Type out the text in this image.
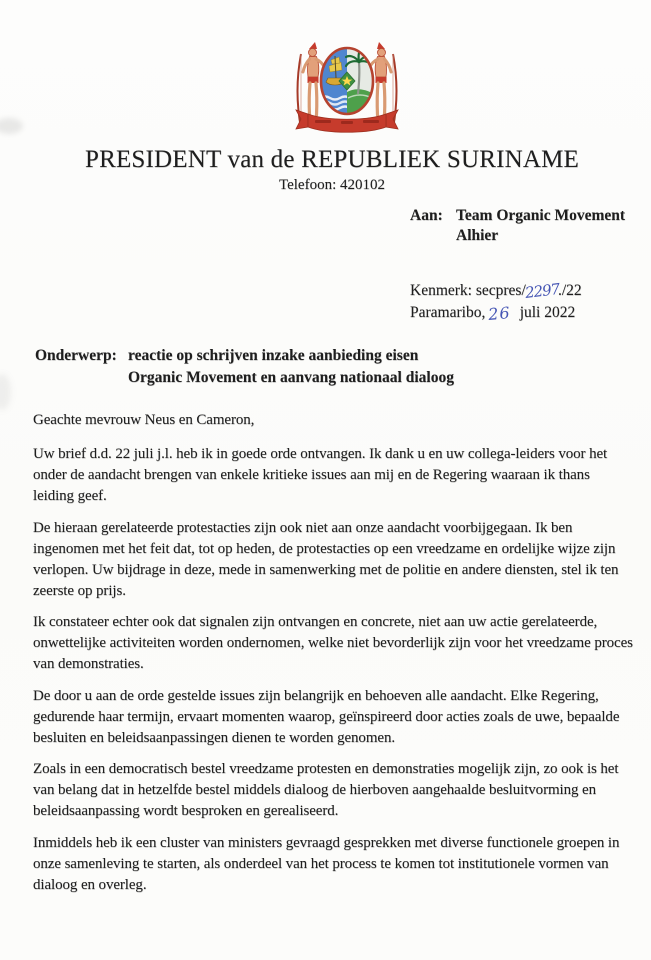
PRESIDENT van de REPUBLIEK SURINAME
Telefoon: 420102
Aan: Team Organic Movement
Alhier
Kenmerk: secpres/2297./22
Paramaribo, 26 juli 2022
Onderwerp: reactie op schrijven inzake aanbieding eisen
Organic Movement en aanvang nationaal dialoog
Geachte mevrouw Neus en Cameron,

Uw brief d.d. 22 juli j.l. heb ik in goede orde ontvangen. Ik dank u en uw collega-leiders voor het onder de aandacht brengen van enkele kritieke issues aan mij en de Regering waaraan ik thans leiding geef.

De hieraan gerelateerde protestacties zijn ook niet aan onze aandacht voorbijgegaan. Ik ben ingenomen met het feit dat, tot op heden, de protestacties op een vreedzame en ordelijke wijze zijn verlopen. Uw bijdrage in deze, mede in samenwerking met de politie en andere diensten, stel ik ten zeerste op prijs.

Ik constateer echter ook dat signalen zijn ontvangen en concrete, niet aan uw actie gerelateerde, onwettelijke activiteiten worden ondernomen, welke niet bevorderlijk zijn voor het vreedzame proces van demonstraties.

De door u aan de orde gestelde issues zijn belangrijk en behoeven alle aandacht. Elke Regering, gedurende haar termijn, ervaart momenten waarop, geïnspireerd door acties zoals de uwe, bepaalde besluiten en beleidsaanpassingen dienen te worden genomen.

Zoals in een democratisch bestel vreedzame protesten en demonstraties mogelijk zijn, zo ook is het van belang dat in hetzelfde bestel middels dialoog de hierboven aangehaalde besluitvorming en beleidsaanpassing wordt besproken en gerealiseerd.

Inmiddels heb ik een cluster van ministers gevraagd gesprekken met diverse functionele groepen in onze samenleving te starten, als onderdeel van het process te komen tot institutionele vormen van dialoog en overleg.
